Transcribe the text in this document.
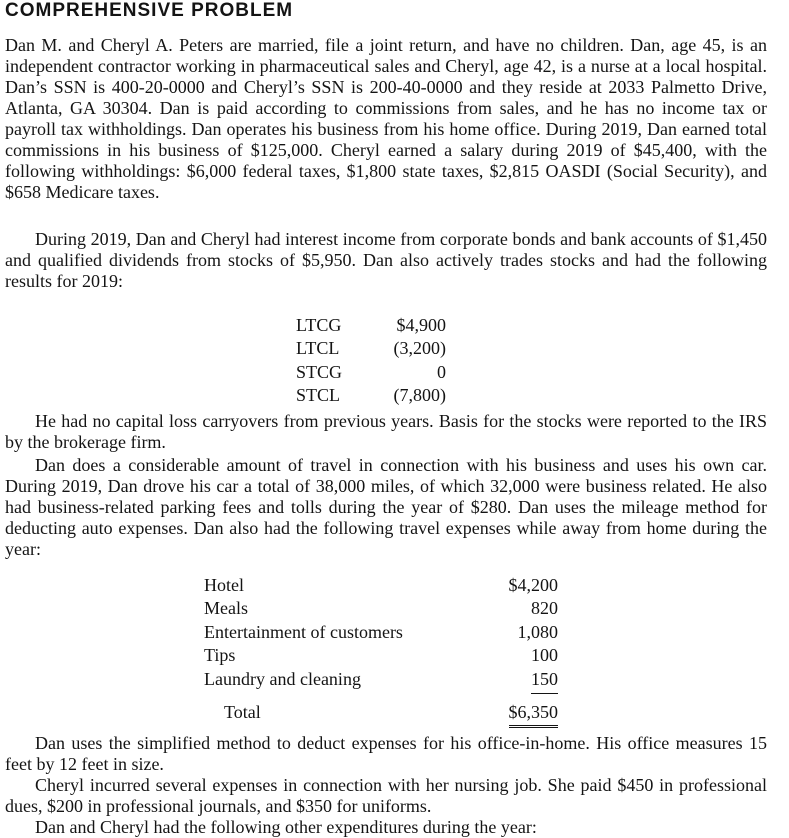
COMPREHENSIVE PROBLEM

Dan M. and Cheryl A. Peters are married, file a joint return, and have no children. Dan, age 45, is an independent contractor working in pharmaceutical sales and Cheryl, age 42, is a nurse at a local hospital. Dan’s SSN is 400-20-0000 and Cheryl’s SSN is 200-40-0000 and they reside at 2033 Palmetto Drive, Atlanta, GA 30304. Dan is paid according to commissions from sales, and he has no income tax or payroll tax withholdings. Dan operates his business from his home office. During 2019, Dan earned total commissions in his business of $125,000. Cheryl earned a salary during 2019 of $45,400, with the following withholdings: $6,000 federal taxes, $1,800 state taxes, $2,815 OASDI (Social Security), and $658 Medicare taxes.

During 2019, Dan and Cheryl had interest income from corporate bonds and bank accounts of $1,450 and qualified dividends from stocks of $5,950. Dan also actively trades stocks and had the following results for 2019:

LTCG	$4,900
LTCL	(3,200)
STCG	0
STCL	(7,800)

He had no capital loss carryovers from previous years. Basis for the stocks were reported to the IRS by the brokerage firm.

Dan does a considerable amount of travel in connection with his business and uses his own car. During 2019, Dan drove his car a total of 38,000 miles, of which 32,000 were business related. He also had business-related parking fees and tolls during the year of $280. Dan uses the mileage method for deducting auto expenses. Dan also had the following travel expenses while away from home during the year:

Hotel	$4,200
Meals	820
Entertainment of customers	1,080
Tips	100
Laundry and cleaning	150
Total	$6,350

Dan uses the simplified method to deduct expenses for his office-in-home. His office measures 15 feet by 12 feet in size.

Cheryl incurred several expenses in connection with her nursing job. She paid $450 in professional dues, $200 in professional journals, and $350 for uniforms.

Dan and Cheryl had the following other expenditures during the year:
